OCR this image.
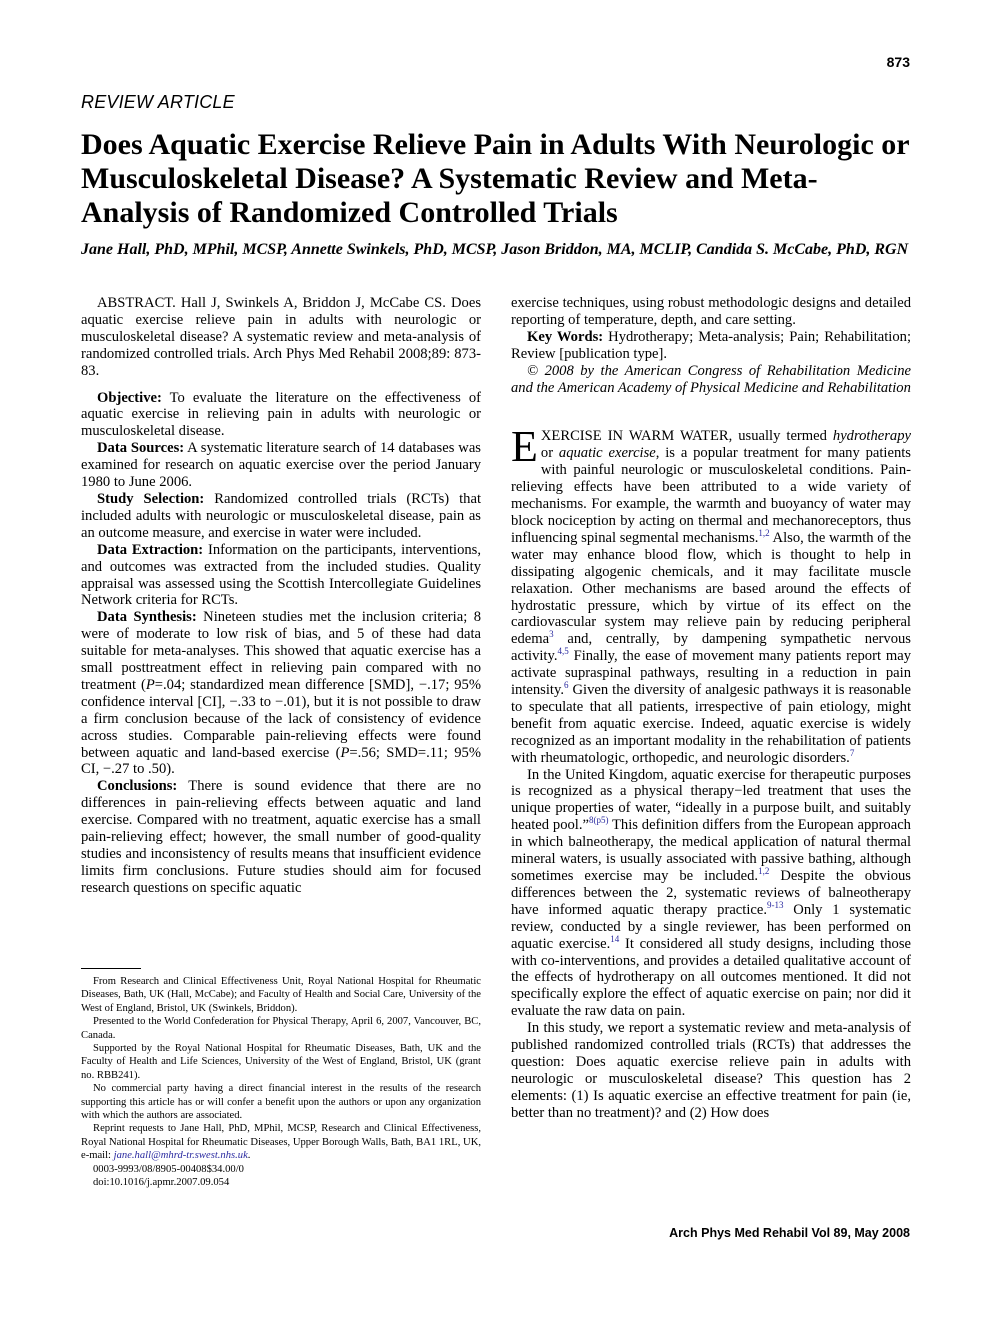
873
REVIEW ARTICLE
Does Aquatic Exercise Relieve Pain in Adults With Neurologic or Musculoskeletal Disease? A Systematic Review and Meta-Analysis of Randomized Controlled Trials
Jane Hall, PhD, MPhil, MCSP, Annette Swinkels, PhD, MCSP, Jason Briddon, MA, MCLIP, Candida S. McCabe, PhD, RGN

ABSTRACT. Hall J, Swinkels A, Briddon J, McCabe CS. Does aquatic exercise relieve pain in adults with neurologic or musculoskeletal disease? A systematic review and meta-analysis of randomized controlled trials. Arch Phys Med Rehabil 2008;89: 873-83.

Objective: To evaluate the literature on the effectiveness of aquatic exercise in relieving pain in adults with neurologic or musculoskeletal disease.

Data Sources: A systematic literature search of 14 databases was examined for research on aquatic exercise over the period January 1980 to June 2006.

Study Selection: Randomized controlled trials (RCTs) that included adults with neurologic or musculoskeletal disease, pain as an outcome measure, and exercise in water were included.

Data Extraction: Information on the participants, interventions, and outcomes was extracted from the included studies. Quality appraisal was assessed using the Scottish Intercollegiate Guidelines Network criteria for RCTs.

Data Synthesis: Nineteen studies met the inclusion criteria; 8 were of moderate to low risk of bias, and 5 of these had data suitable for meta-analyses. This showed that aquatic exercise has a small posttreatment effect in relieving pain compared with no treatment (P=.04; standardized mean difference [SMD], −.17; 95% confidence interval [CI], −.33 to −.01), but it is not possible to draw a firm conclusion because of the lack of consistency of evidence across studies. Comparable pain-relieving effects were found between aquatic and land-based exercise (P=.56; SMD=.11; 95% CI, −.27 to .50).

Conclusions: There is sound evidence that there are no differences in pain-relieving effects between aquatic and land exercise. Compared with no treatment, aquatic exercise has a small pain-relieving effect; however, the small number of good-quality studies and inconsistency of results means that insufficient evidence limits firm conclusions. Future studies should aim for focused research questions on specific aquatic

From Research and Clinical Effectiveness Unit, Royal National Hospital for Rheumatic Diseases, Bath, UK (Hall, McCabe); and Faculty of Health and Social Care, University of the West of England, Bristol, UK (Swinkels, Briddon).

Presented to the World Confederation for Physical Therapy, April 6, 2007, Vancouver, BC, Canada.

Supported by the Royal National Hospital for Rheumatic Diseases, Bath, UK and the Faculty of Health and Life Sciences, University of the West of England, Bristol, UK (grant no. RBB241).

No commercial party having a direct financial interest in the results of the research supporting this article has or will confer a benefit upon the authors or upon any organization with which the authors are associated.

Reprint requests to Jane Hall, PhD, MPhil, MCSP, Research and Clinical Effectiveness, Royal National Hospital for Rheumatic Diseases, Upper Borough Walls, Bath, BA1 1RL, UK, e-mail: jane.hall@mhrd-tr.swest.nhs.uk.

0003-9993/08/8905-00408$34.00/0

doi:10.1016/j.apmr.2007.09.054

exercise techniques, using robust methodologic designs and detailed reporting of temperature, depth, and care setting.

Key Words: Hydrotherapy; Meta-analysis; Pain; Rehabilitation; Review [publication type].

© 2008 by the American Congress of Rehabilitation Medicine and the American Academy of Physical Medicine and Rehabilitation

EXERCISE IN WARM WATER, usually termed hydrotherapy or aquatic exercise, is a popular treatment for many patients with painful neurologic or musculoskeletal conditions. Pain-relieving effects have been attributed to a wide variety of mechanisms. For example, the warmth and buoyancy of water may block nociception by acting on thermal and mechanoreceptors, thus influencing spinal segmental mechanisms.$^{1,2}$ Also, the warmth of the water may enhance blood flow, which is thought to help in dissipating algogenic chemicals, and it may facilitate muscle relaxation. Other mechanisms are based around the effects of hydrostatic pressure, which by virtue of its effect on the cardiovascular system may relieve pain by reducing peripheral edema$^3$ and, centrally, by dampening sympathetic nervous activity.$^{4,5}$ Finally, the ease of movement many patients report may activate supraspinal pathways, resulting in a reduction in pain intensity.$^6$ Given the diversity of analgesic pathways it is reasonable to speculate that all patients, irrespective of pain etiology, might benefit from aquatic exercise. Indeed, aquatic exercise is widely recognized as an important modality in the rehabilitation of patients with rheumatologic, orthopedic, and neurologic disorders.$^7$

In the United Kingdom, aquatic exercise for therapeutic purposes is recognized as a physical therapy−led treatment that uses the unique properties of water, “ideally in a purpose built, and suitably heated pool.”$^{8(p5)}$ This definition differs from the European approach in which balneotherapy, the medical application of natural thermal mineral waters, is usually associated with passive bathing, although sometimes exercise may be included.$^{1,2}$ Despite the obvious differences between the 2, systematic reviews of balneotherapy have informed aquatic therapy practice.$^{9-13}$ Only 1 systematic review, conducted by a single reviewer, has been performed on aquatic exercise.$^{14}$ It considered all study designs, including those with co-interventions, and provides a detailed qualitative account of the effects of hydrotherapy on all outcomes mentioned. It did not specifically explore the effect of aquatic exercise on pain; nor did it evaluate the raw data on pain.

In this study, we report a systematic review and meta-analysis of published randomized controlled trials (RCTs) that addresses the question: Does aquatic exercise relieve pain in adults with neurologic or musculoskeletal disease? This question has 2 elements: (1) Is aquatic exercise an effective treatment for pain (ie, better than no treatment)? and (2) How does

Arch Phys Med Rehabil Vol 89, May 2008
